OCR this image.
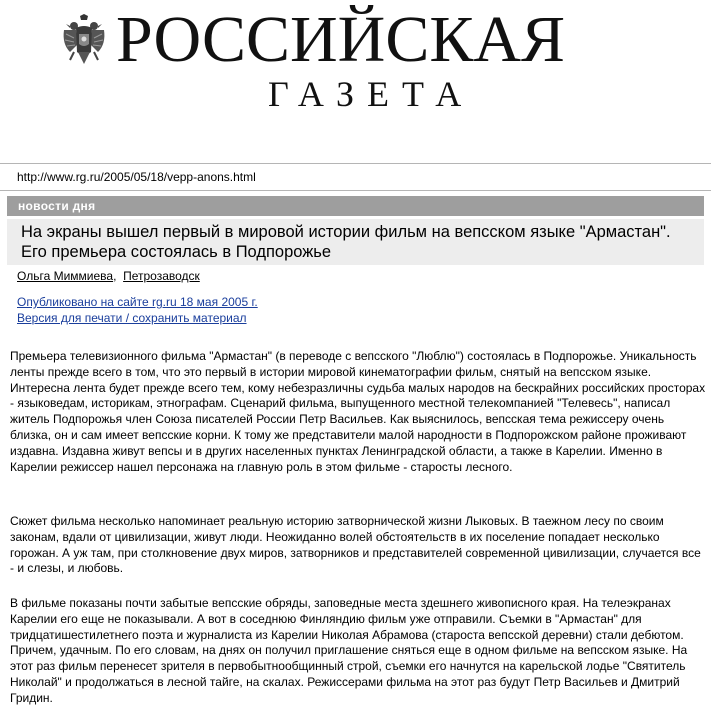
РОССИЙСКАЯ
ГАЗЕТА
http://www.rg.ru/2005/05/18/vepp-anons.html
новости дня
На экраны вышел первый в мировой истории фильм на вепсском языке "Армастан". Его премьера состоялась в Подпорожье
Ольга Миммиева, Петрозаводск
Опубликовано на сайте rg.ru 18 мая 2005 г.
Версия для печати / сохранить материал

Премьера телевизионного фильма "Армастан" (в переводе с вепсского "Люблю") состоялась в Подпорожье. Уникальность ленты прежде всего в том, что это первый в истории мировой кинематографии фильм, снятый на вепсском языке. Интересна лента будет прежде всего тем, кому небезразличны судьба малых народов на бескрайних российских просторах - языковедам, историкам, этнографам. Сценарий фильма, выпущенного местной телекомпанией "Телевесь", написал житель Подпорожья член Союза писателей России Петр Васильев. Как выяснилось, вепсская тема режиссеру очень близка, он и сам имеет вепсские корни. К тому же представители малой народности в Подпорожском районе проживают издавна. Издавна живут вепсы и в других населенных пунктах Ленинградской области, а также в Карелии. Именно в Карелии режиссер нашел персонажа на главную роль в этом фильме - старосты лесного.

Сюжет фильма несколько напоминает реальную историю затворнической жизни Лыковых. В таежном лесу по своим законам, вдали от цивилизации, живут люди. Неожиданно волей обстоятельств в их поселение попадает несколько горожан. А уж там, при столкновение двух миров, затворников и представителей современной цивилизации, случается все - и слезы, и любовь.

В фильме показаны почти забытые вепсские обряды, заповедные места здешнего живописного края. На телеэкранах Карелии его еще не показывали. А вот в соседнюю Финляндию фильм уже отправили. Съемки в "Армастан" для тридцатишестилетнего поэта и журналиста из Карелии Николая Абрамова (староста вепсской деревни) стали дебютом. Причем, удачным. По его словам, на днях он получил приглашение сняться еще в одном фильме на вепсском языке. На этот раз фильм перенесет зрителя в первобытнообщинный строй, съемки его начнутся на карельской лодье "Святитель Николай" и продолжаться в лесной тайге, на скалах. Режиссерами фильма на этот раз будут Петр Васильев и Дмитрий Гридин.
